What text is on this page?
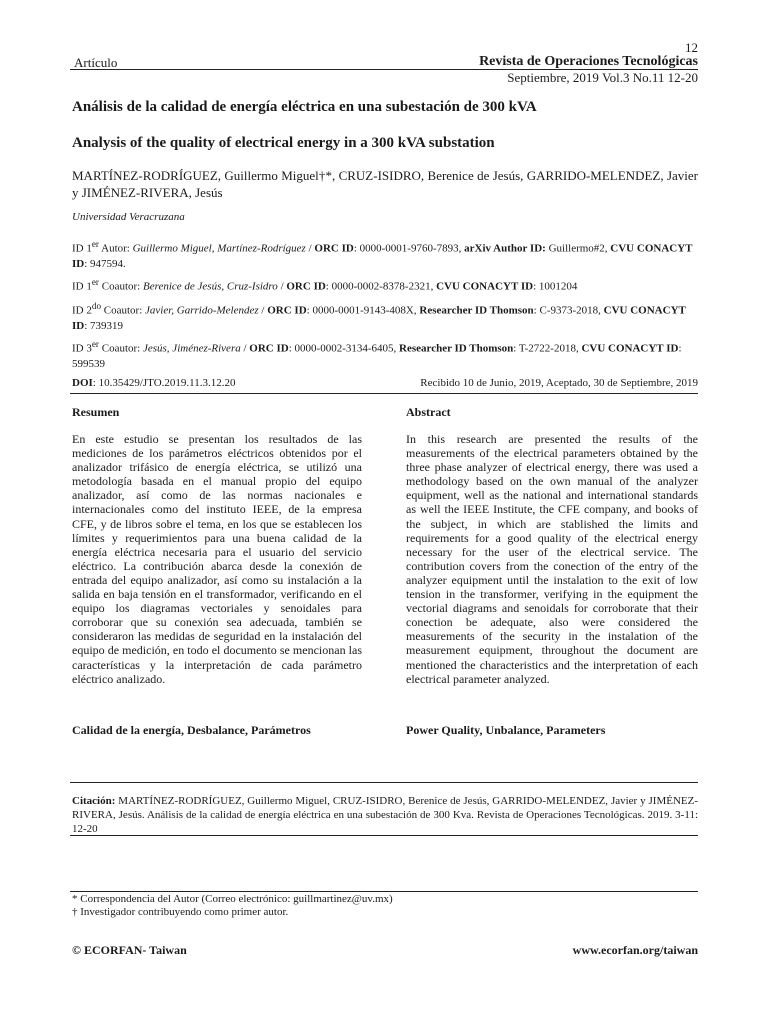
12
Artículo	Revista de Operaciones Tecnológicas
Septiembre, 2019 Vol.3 No.11 12-20
Análisis de la calidad de energía eléctrica en una subestación de 300 kVA
Analysis of the quality of electrical energy in a 300 kVA substation
MARTÍNEZ-RODRÍGUEZ, Guillermo Miguel†*, CRUZ-ISIDRO, Berenice de Jesús, GARRIDO-MELENDEZ, Javier y JIMÉNEZ-RIVERA, Jesús
Universidad Veracruzana
ID 1er Autor: Guillermo Miguel, Martínez-Rodríguez / ORC ID: 0000-0001-9760-7893, arXiv Author ID: Guillermo#2, CVU CONACYT ID: 947594.
ID 1er Coautor: Berenice de Jesús, Cruz-Isidro / ORC ID: 0000-0002-8378-2321, CVU CONACYT ID: 1001204
ID $2^{do}$ Coautor: Javier, Garrido-Melendez / ORC ID: 0000-0001-9143-408X, Researcher ID Thomson: C-9373-2018, CVU CONACYT ID: 739319
ID 3er Coautor: Jesús, Jiménez-Rivera / ORC ID: 0000-0002-3134-6405, Researcher ID Thomson: T-2722-2018, CVU CONACYT ID: 599539
DOI: 10.35429/JTO.2019.11.3.12.20	Recibido 10 de Junio, 2019, Aceptado, 30 de Septiembre, 2019
Resumen	Abstract
En este estudio se presentan los resultados de las mediciones de los parámetros eléctricos obtenidos por el analizador trifásico de energía eléctrica, se utilizó una metodología basada en el manual propio del equipo analizador, así como de las normas nacionales e internacionales como del instituto IEEE, de la empresa CFE, y de libros sobre el tema, en los que se establecen los límites y requerimientos para una buena calidad de la energía eléctrica necesaria para el usuario del servicio eléctrico. La contribución abarca desde la conexión de entrada del equipo analizador, así como su instalación a la salida en baja tensión en el transformador, verificando en el equipo los diagramas vectoriales y senoidales para corroborar que su conexión sea adecuada, también se consideraron las medidas de seguridad en la instalación del equipo de medición, en todo el documento se mencionan las características y la interpretación de cada parámetro eléctrico analizado.
In this research are presented the results of the measurements of the electrical parameters obtained by the three phase analyzer of electrical energy, there was used a methodology based on the own manual of the analyzer equipment, well as the national and international standards as well the IEEE Institute, the CFE company, and books of the subject, in which are stablished the limits and requirements for a good quality of the electrical energy necessary for the user of the electrical service. The contribution covers from the conection of the entry of the analyzer equipment until the instalation to the exit of low tension in the transformer, verifying in the equipment the vectorial diagrams and senoidals for corroborate that their conection be adequate, also were considered the measurements of the security in the instalation of the measurement equipment, throughout the document are mentioned the characteristics and the interpretation of each electrical parameter analyzed.
Calidad de la energía, Desbalance, Parámetros	Power Quality, Unbalance, Parameters
Citación: MARTÍNEZ-RODRÍGUEZ, Guillermo Miguel, CRUZ-ISIDRO, Berenice de Jesús, GARRIDO-MELENDEZ, Javier y JIMÉNEZ-RIVERA, Jesús. Análisis de la calidad de energía eléctrica en una subestación de 300 Kva. Revista de Operaciones Tecnológicas. 2019. 3-11: 12-20
* Correspondencia del Autor (Correo electrónico: guillmartinez@uv.mx)
† Investigador contribuyendo como primer autor.
© ECORFAN- Taiwan	www.ecorfan.org/taiwan
